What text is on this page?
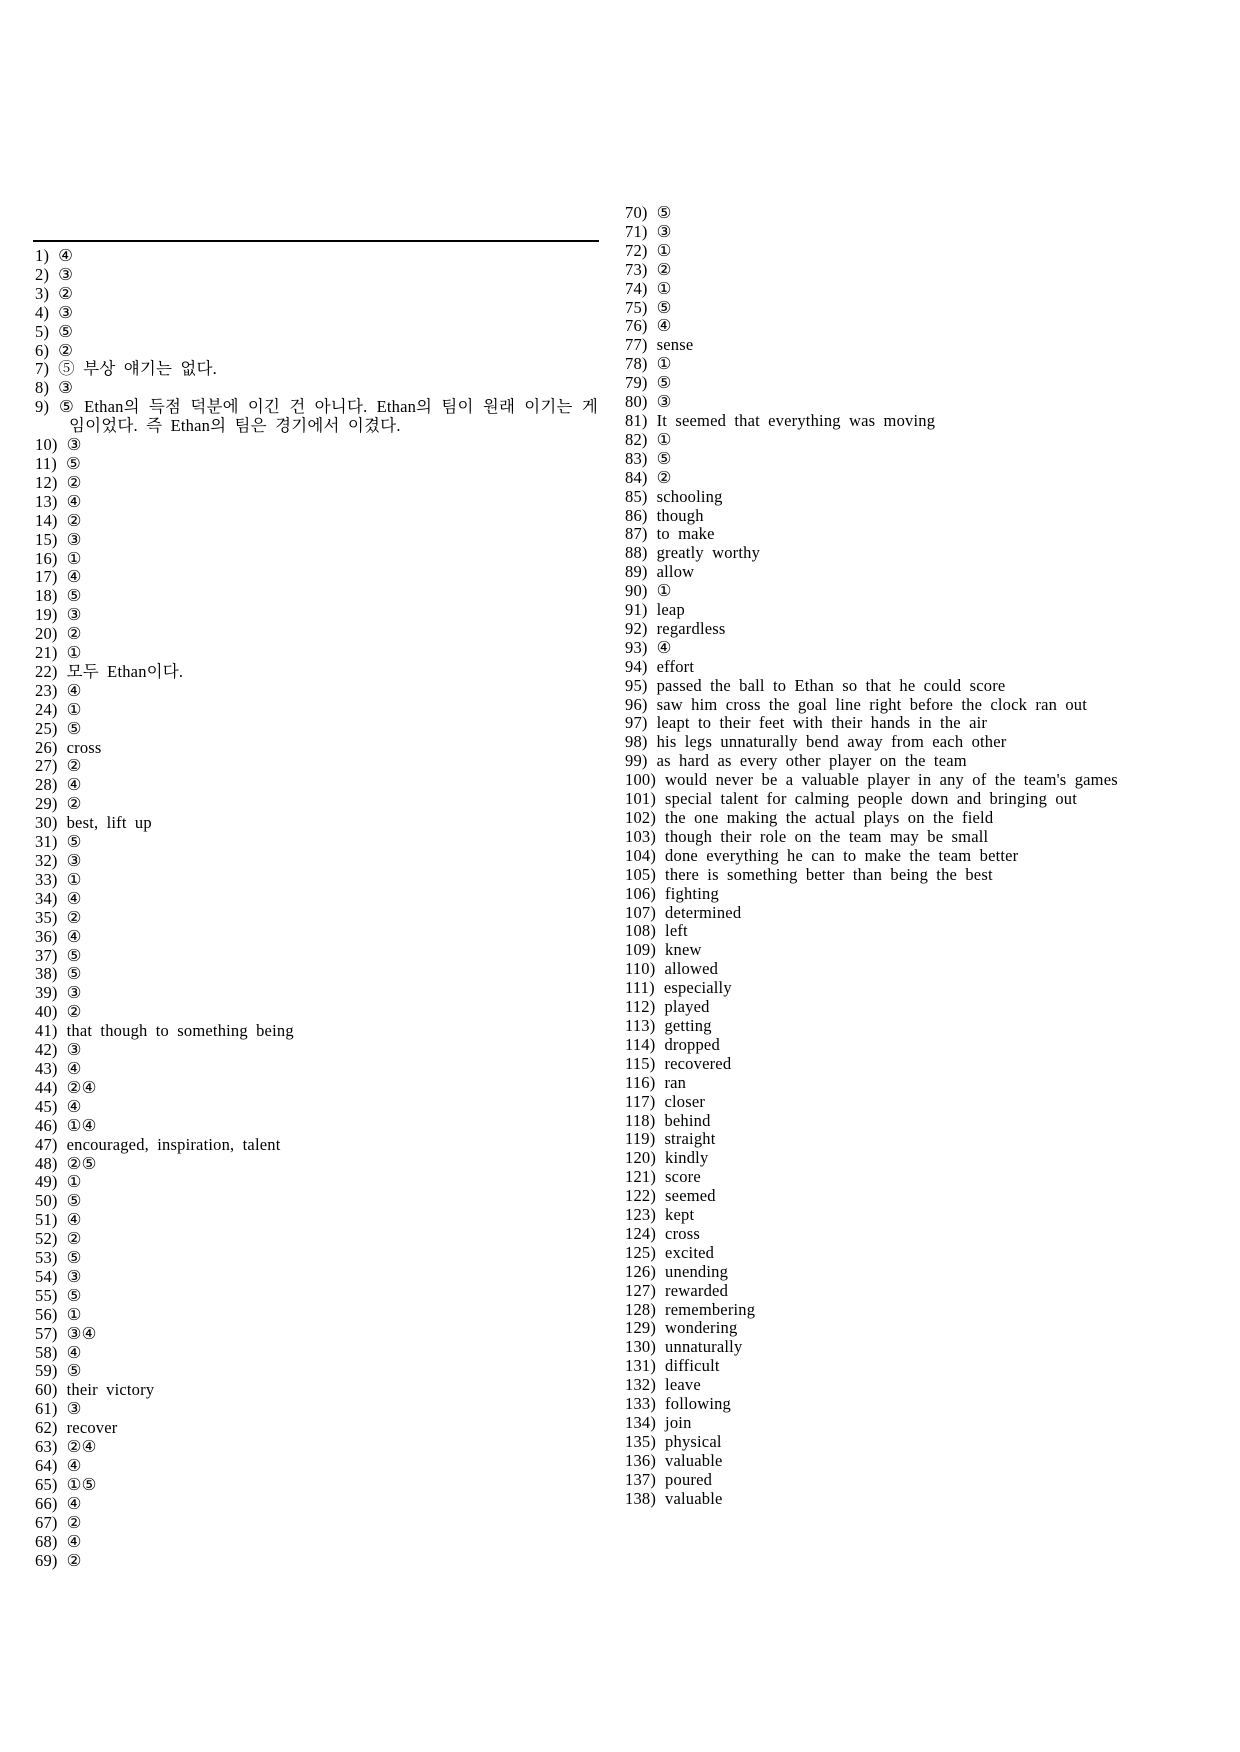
1) ④
2) ③
3) ②
4) ③
5) ⑤
6) ②
7) ⑤ 부상 얘기는 없다.
8) ③
9) ⑤ Ethan의 득점 덕분에 이긴 건 아니다. Ethan의 팀이 원래 이기는 게임이었다. 즉 Ethan의 팀은 경기에서 이겼다.
10) ③
11) ⑤
12) ②
13) ④
14) ②
15) ③
16) ①
17) ④
18) ⑤
19) ③
20) ②
21) ①
22) 모두 Ethan이다.
23) ④
24) ①
25) ⑤
26) cross
27) ②
28) ④
29) ②
30) best, lift up
31) ⑤
32) ③
33) ①
34) ④
35) ②
36) ④
37) ⑤
38) ⑤
39) ③
40) ②
41) that though to something being
42) ③
43) ④
44) ②④
45) ④
46) ①④
47) encouraged, inspiration, talent
48) ②⑤
49) ①
50) ⑤
51) ④
52) ②
53) ⑤
54) ③
55) ⑤
56) ①
57) ③④
58) ④
59) ⑤
60) their victory
61) ③
62) recover
63) ②④
64) ④
65) ①⑤
66) ④
67) ②
68) ④
69) ②
70) ⑤
71) ③
72) ①
73) ②
74) ①
75) ⑤
76) ④
77) sense
78) ①
79) ⑤
80) ③
81) It seemed that everything was moving
82) ①
83) ⑤
84) ②
85) schooling
86) though
87) to make
88) greatly worthy
89) allow
90) ①
91) leap
92) regardless
93) ④
94) effort
95) passed the ball to Ethan so that he could score
96) saw him cross the goal line right before the clock ran out
97) leapt to their feet with their hands in the air
98) his legs unnaturally bend away from each other
99) as hard as every other player on the team
100) would never be a valuable player in any of the team's games
101) special talent for calming people down and bringing out
102) the one making the actual plays on the field
103) though their role on the team may be small
104) done everything he can to make the team better
105) there is something better than being the best
106) fighting
107) determined
108) left
109) knew
110) allowed
111) especially
112) played
113) getting
114) dropped
115) recovered
116) ran
117) closer
118) behind
119) straight
120) kindly
121) score
122) seemed
123) kept
124) cross
125) excited
126) unending
127) rewarded
128) remembering
129) wondering
130) unnaturally
131) difficult
132) leave
133) following
134) join
135) physical
136) valuable
137) poured
138) valuable
